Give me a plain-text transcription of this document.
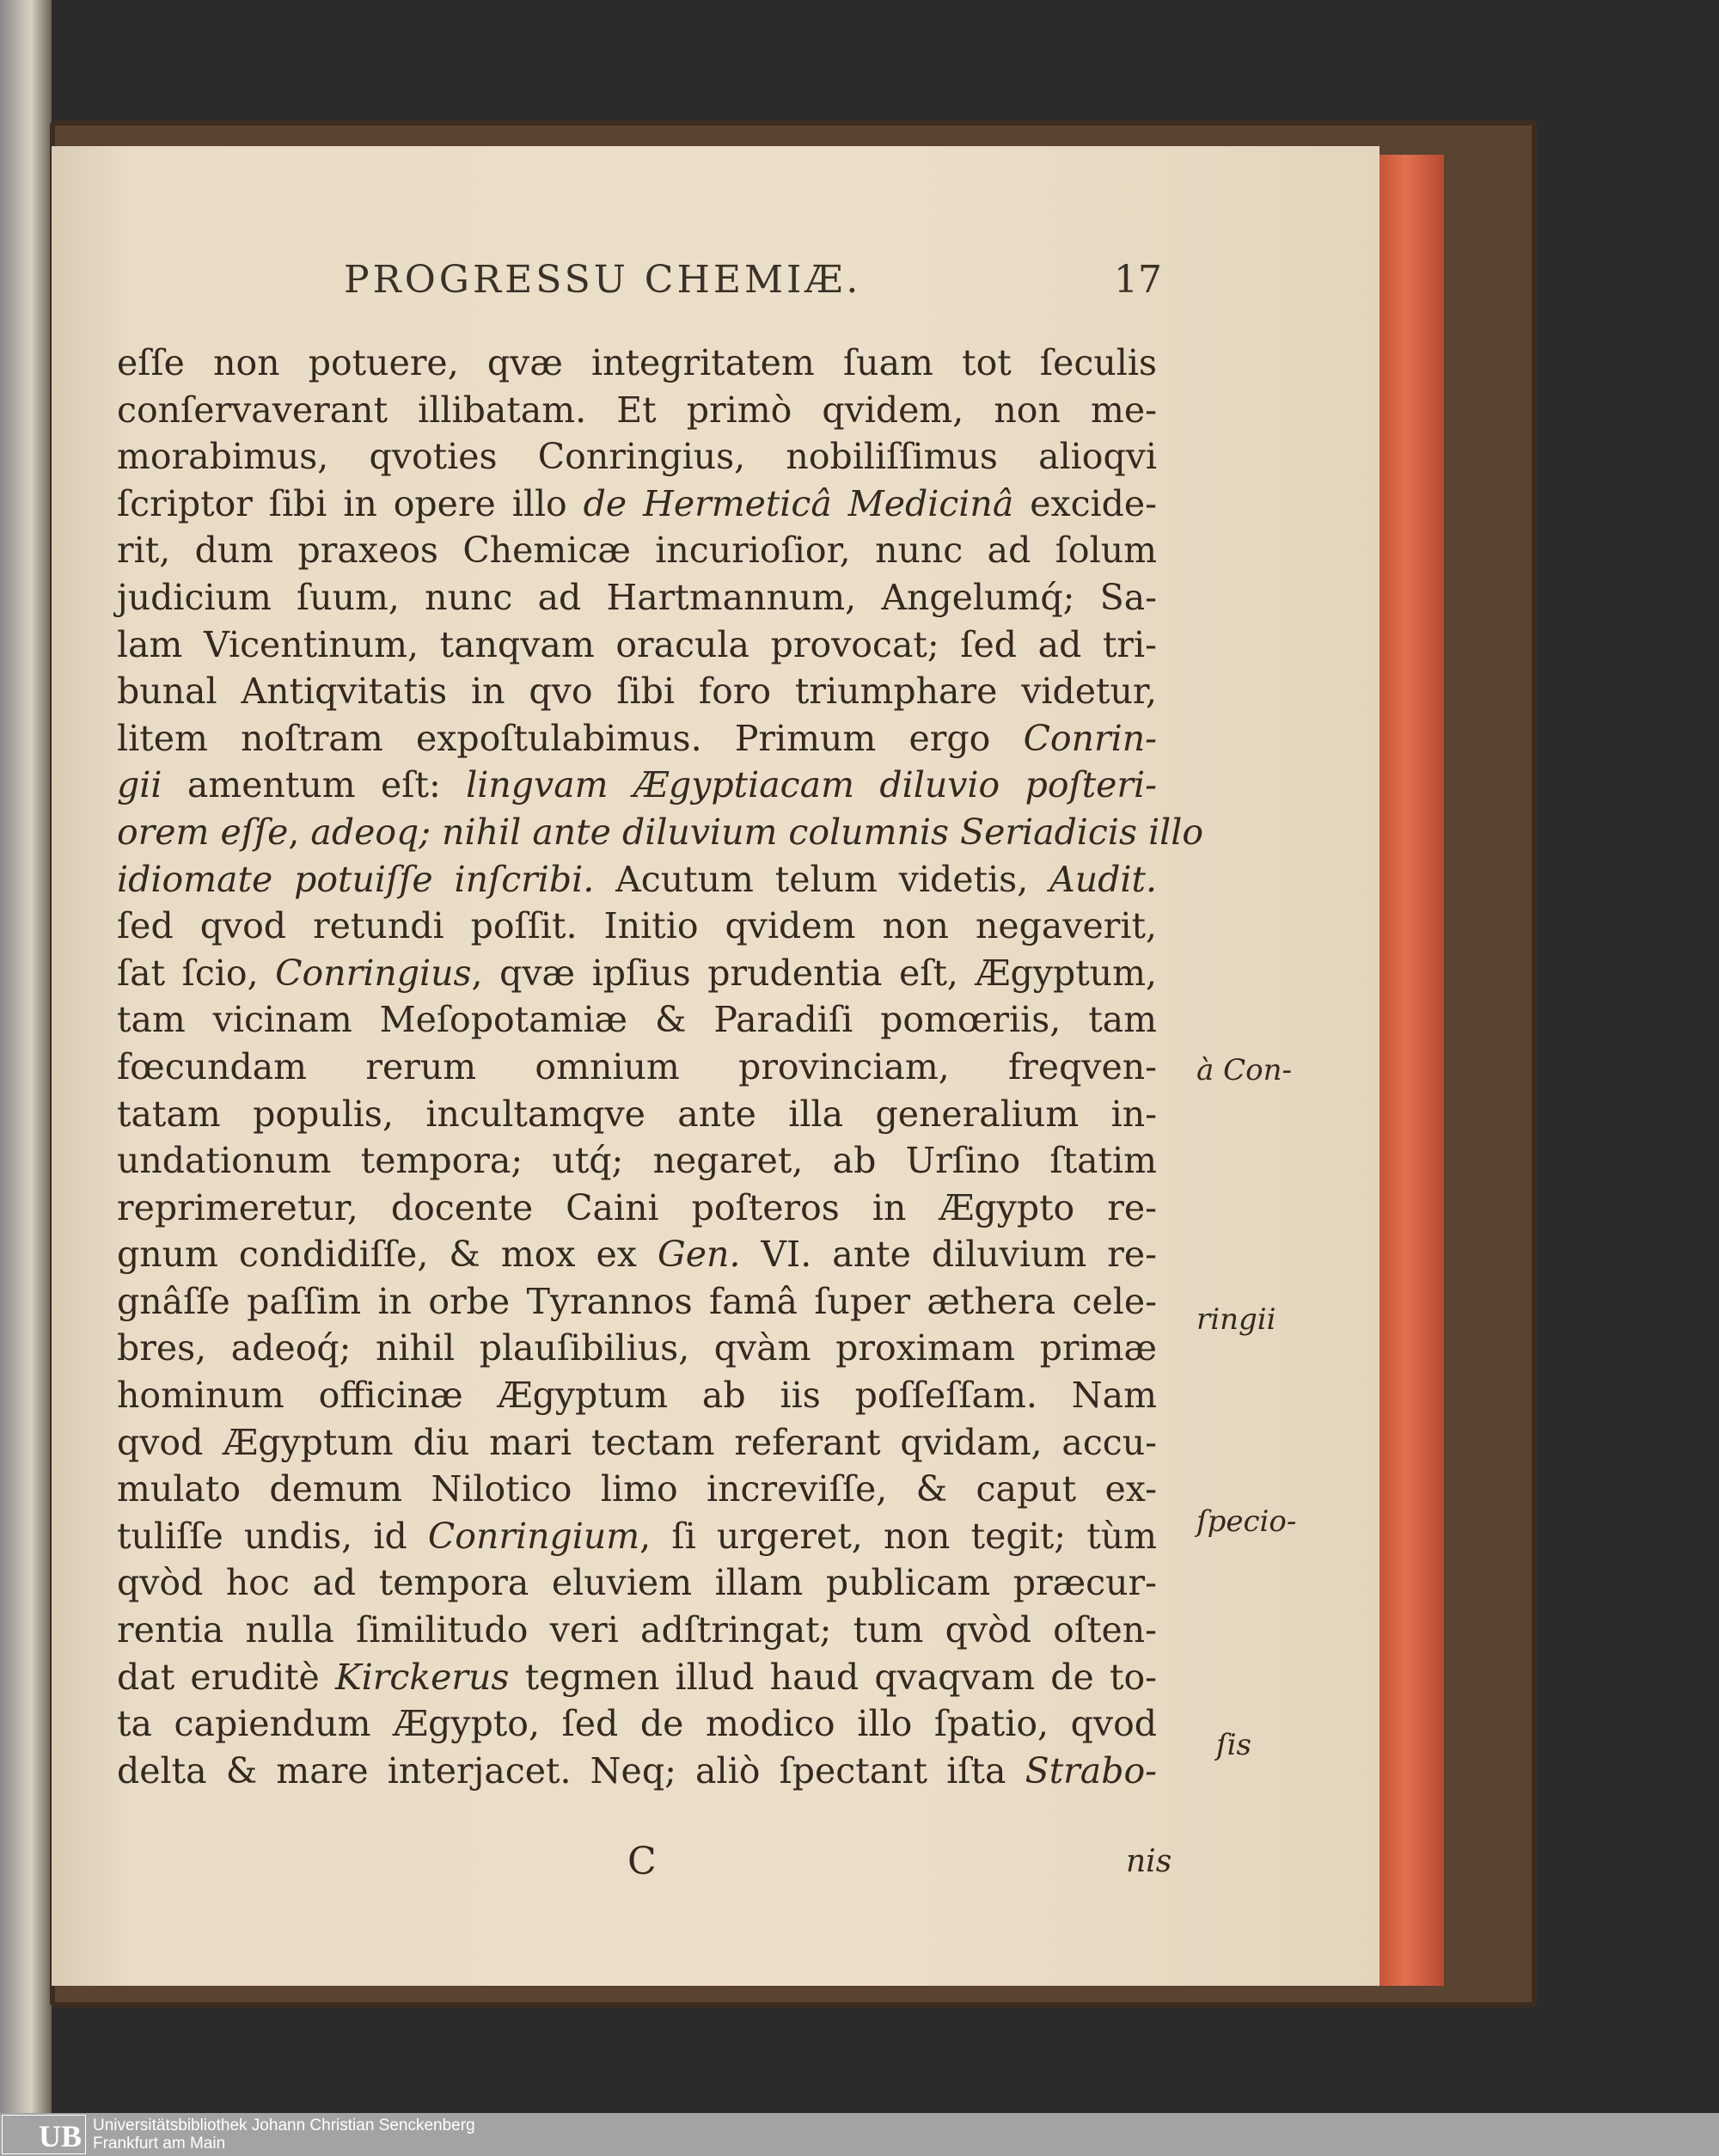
PROGRESSU CHEMIÆ.	17
eſſe non potuere, qvæ integritatem ſuam tot ſeculis
conſervaverant illibatam. Et primò qvidem, non me-
morabimus, qvoties Conringius, nobiliſſimus alioqvi
ſcriptor ſibi in opere illo de Hermeticâ Medicinâ excide-
rit, dum praxeos Chemicæ incurioſior, nunc ad ſolum
judicium ſuum, nunc ad Hartmannum, Angelumq́; Sa-
lam Vicentinum, tanqvam oracula provocat; ſed ad tri-
bunal Antiqvitatis in qvo ſibi foro triumphare videtur,
litem noſtram expoſtulabimus. Primum ergo Conrin-
gii amentum eſt: lingvam Ægyptiacam diluvio poſteri-
orem eſſe, adeoq; nihil ante diluvium columnis Seriadicis illo
idiomate potuiſſe inſcribi. Acutum telum videtis, Audit.
ſed qvod retundi poſſit. Initio qvidem non negaverit,
ſat ſcio, Conringius, qvæ ipſius prudentia eſt, Ægyptum,
tam vicinam Meſopotamiæ & Paradiſi pomœriis, tam
fœcundam rerum omnium provinciam, freqven-
tatam populis, incultamqve ante illa generalium in-
undationum tempora; utq́; negaret, ab Urſino ſtatim
reprimeretur, docente Caini poſteros in Ægypto re-
gnum condidiſſe, & mox ex Gen. VI. ante diluvium re-
gnâſſe paſſim in orbe Tyrannos famâ ſuper æthera cele-
bres, adeoq́; nihil plauſibilius, qvàm proximam primæ
hominum officinæ Ægyptum ab iis poſſeſſam. Nam
qvod Ægyptum diu mari tectam referant qvidam, accu-
mulato demum Nilotico limo increviſſe, & caput ex-
tuliſſe undis, id Conringium, ſi urgeret, non tegit; tùm
qvòd hoc ad tempora eluviem illam publicam præcur-
rentia nulla ſimilitudo veri adſtringat; tum qvòd oſten-
dat eruditè Kirckerus tegmen illud haud qvaqvam de to-
ta capiendum Ægypto, ſed de modico illo ſpatio, qvod
delta & mare interjacet. Neq; aliò ſpectant iſta Strabo-
à Con-
ringii
ſpecio-
ſis
C	nis
UB Universitätsbibliothek Johann Christian Senckenberg
Frankfurt am Main
